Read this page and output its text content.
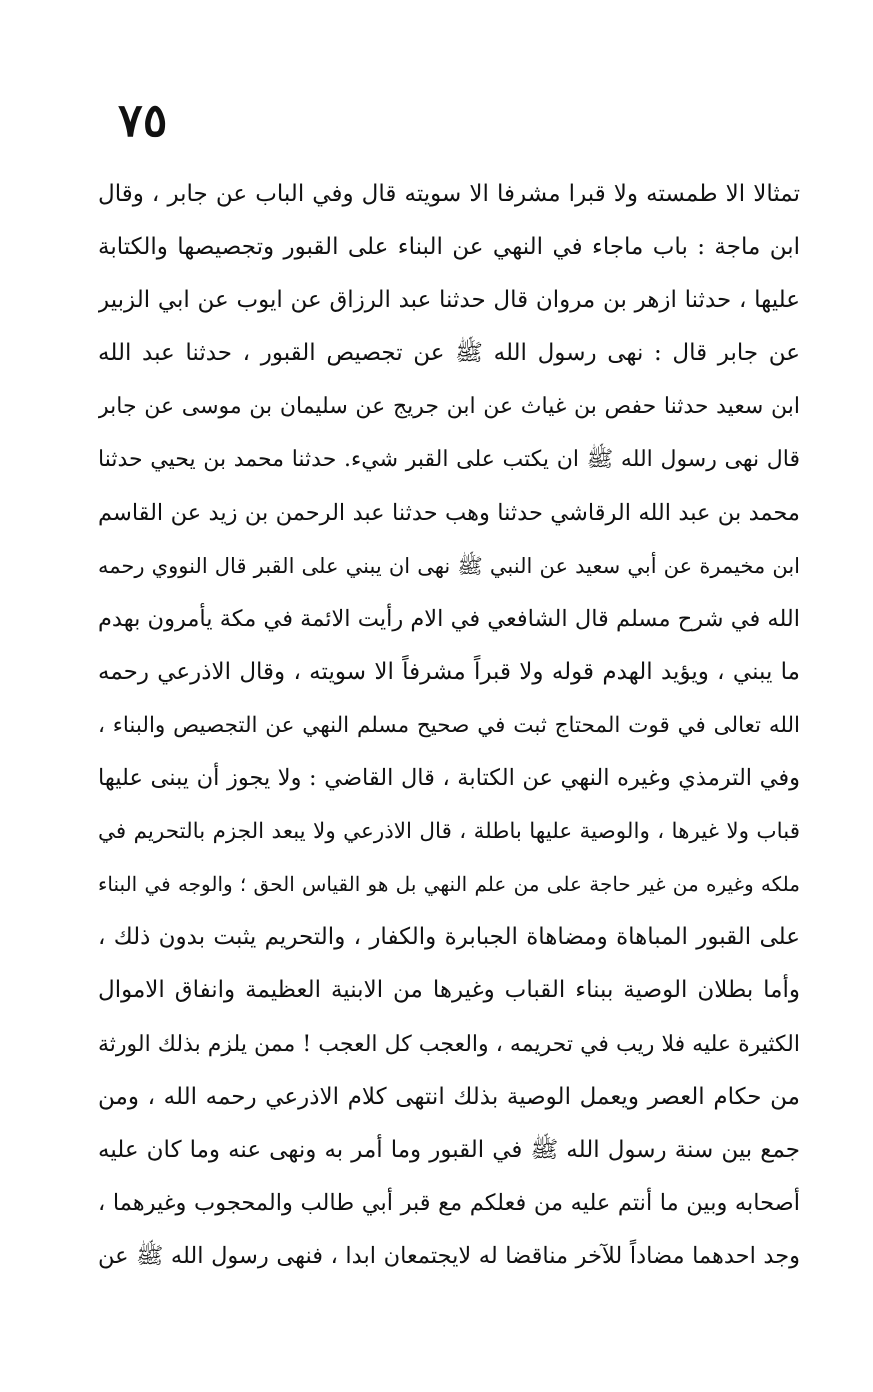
٧٥
تمثالا الا طمسته ولا قبرا مشرفا الا سويته قال وفي الباب عن جابر ، وقال
ابن ماجة : باب ماجاء في النهي عن البناء على القبور وتجصيصها والكتابة
عليها ، حدثنا ازهر بن مروان قال حدثنا عبد الرزاق عن ايوب عن ابي الزبير
عن جابر قال : نهى رسول الله ﷺ عن تجصيص القبور ، حدثنا عبد الله
ابن سعيد حدثنا حفص بن غياث عن ابن جريج عن سليمان بن موسى عن جابر
قال نهى رسول الله ﷺ ان يكتب على القبر شيء. حدثنا محمد بن يحيي حدثنا
محمد بن عبد الله الرقاشي حدثنا وهب حدثنا عبد الرحمن بن زيد عن القاسم
ابن مخيمرة عن أبي سعيد عن النبي ﷺ نهى ان يبني على القبر قال النووي رحمه
الله في شرح مسلم قال الشافعي في الام رأيت الائمة في مكة يأمرون بهدم
ما يبني ، ويؤيد الهدم قوله ولا قبراً مشرفاً الا سويته ، وقال الاذرعي رحمه
الله تعالى في قوت المحتاج ثبت في صحيح مسلم النهي عن التجصيص والبناء ،
وفي الترمذي وغيره النهي عن الكتابة ، قال القاضي : ولا يجوز أن يبنى عليها
قباب ولا غيرها ، والوصية عليها باطلة ، قال الاذرعي ولا يبعد الجزم بالتحريم في
ملكه وغيره من غير حاجة على من علم النهي بل هو القياس الحق ؛ والوجه في البناء
على القبور المباهاة ومضاهاة الجبابرة والكفار ، والتحريم يثبت بدون ذلك ،
وأما بطلان الوصية ببناء القباب وغيرها من الابنية العظيمة وانفاق الاموال
الكثيرة عليه فلا ريب في تحريمه ، والعجب كل العجب ! ممن يلزم بذلك الورثة
من حكام العصر ويعمل الوصية بذلك انتهى كلام الاذرعي رحمه الله ، ومن
جمع بين سنة رسول الله ﷺ في القبور وما أمر به ونهى عنه وما كان عليه
أصحابه وبين ما أنتم عليه من فعلكم مع قبر أبي طالب والمحجوب وغيرهما ،
وجد احدهما مضاداً للآخر مناقضا له لايجتمعان ابدا ، فنهى رسول الله ﷺ عن
